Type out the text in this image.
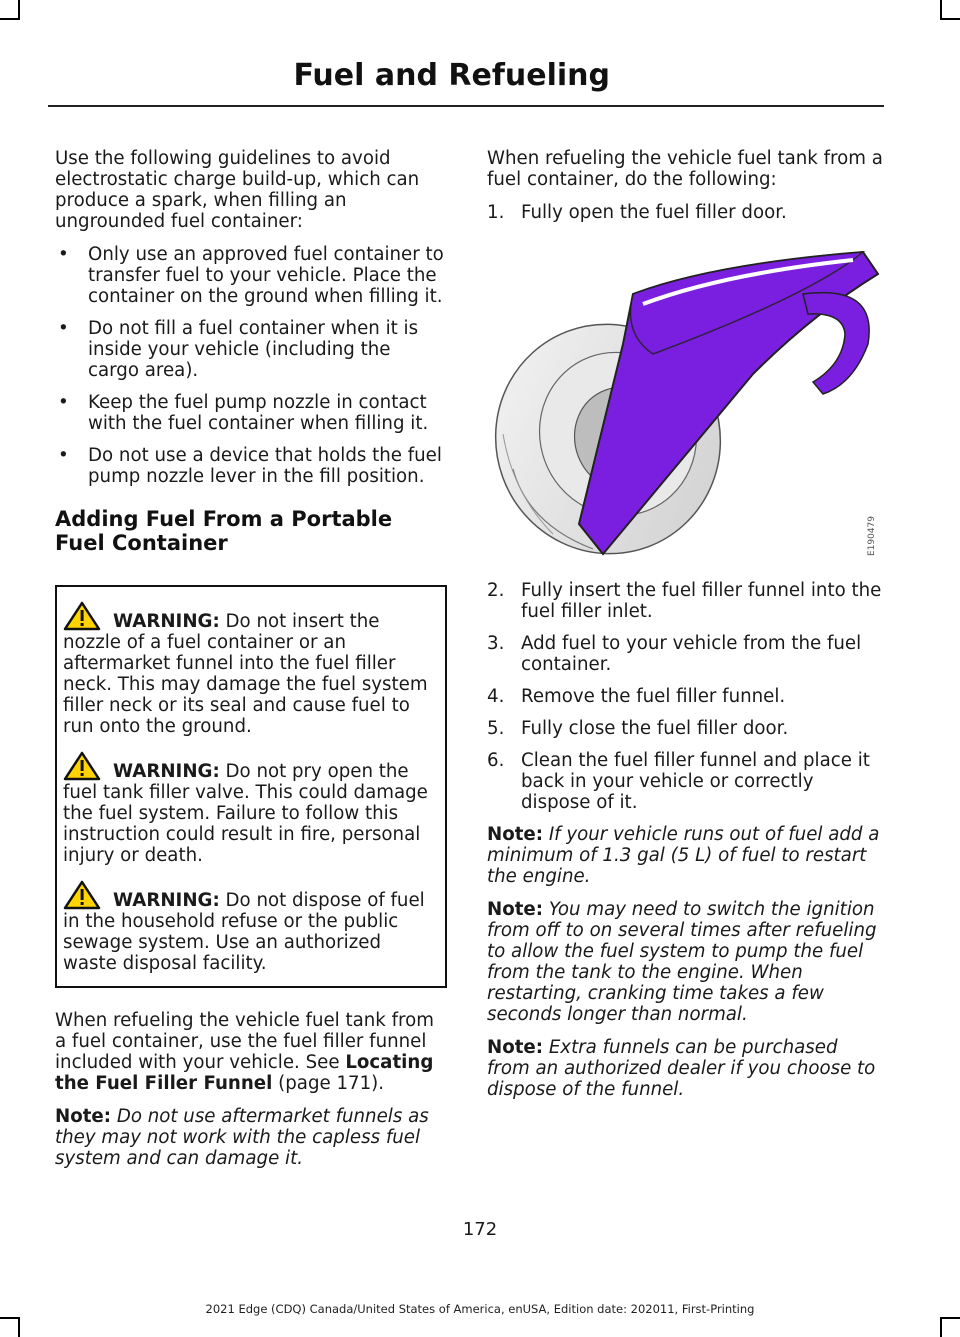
Fuel and Refueling

Use the following guidelines to avoid electrostatic charge build-up, which can produce a spark, when filling an ungrounded fuel container:

• Only use an approved fuel container to transfer fuel to your vehicle. Place the container on the ground when filling it.
• Do not fill a fuel container when it is inside your vehicle (including the cargo area).
• Keep the fuel pump nozzle in contact with the fuel container when filling it.
• Do not use a device that holds the fuel pump nozzle lever in the fill position.
Adding Fuel From a Portable Fuel Container
WARNING: Do not insert the nozzle of a fuel container or an aftermarket funnel into the fuel filler neck. This may damage the fuel system filler neck or its seal and cause fuel to run onto the ground.
WARNING: Do not pry open the fuel tank filler valve. This could damage the fuel system. Failure to follow this instruction could result in fire, personal injury or death.
WARNING: Do not dispose of fuel in the household refuse or the public sewage system. Use an authorized waste disposal facility.

When refueling the vehicle fuel tank from a fuel container, use the fuel filler funnel included with your vehicle. See Locating the Fuel Filler Funnel (page 171).

Note: Do not use aftermarket funnels as they may not work with the capless fuel system and can damage it.

When refueling the vehicle fuel tank from a fuel container, do the following:

1. Fully open the fuel filler door.
E190479
2. Fully insert the fuel filler funnel into the fuel filler inlet.
3. Add fuel to your vehicle from the fuel container.
4. Remove the fuel filler funnel.
5. Fully close the fuel filler door.
6. Clean the fuel filler funnel and place it back in your vehicle or correctly dispose of it.

Note: If your vehicle runs out of fuel add a minimum of 1.3 gal (5 L) of fuel to restart the engine.

Note: You may need to switch the ignition from off to on several times after refueling to allow the fuel system to pump the fuel from the tank to the engine. When restarting, cranking time takes a few seconds longer than normal.

Note: Extra funnels can be purchased from an authorized dealer if you choose to dispose of the funnel.

172
2021 Edge (CDQ) Canada/United States of America, enUSA, Edition date: 202011, First-Printing
